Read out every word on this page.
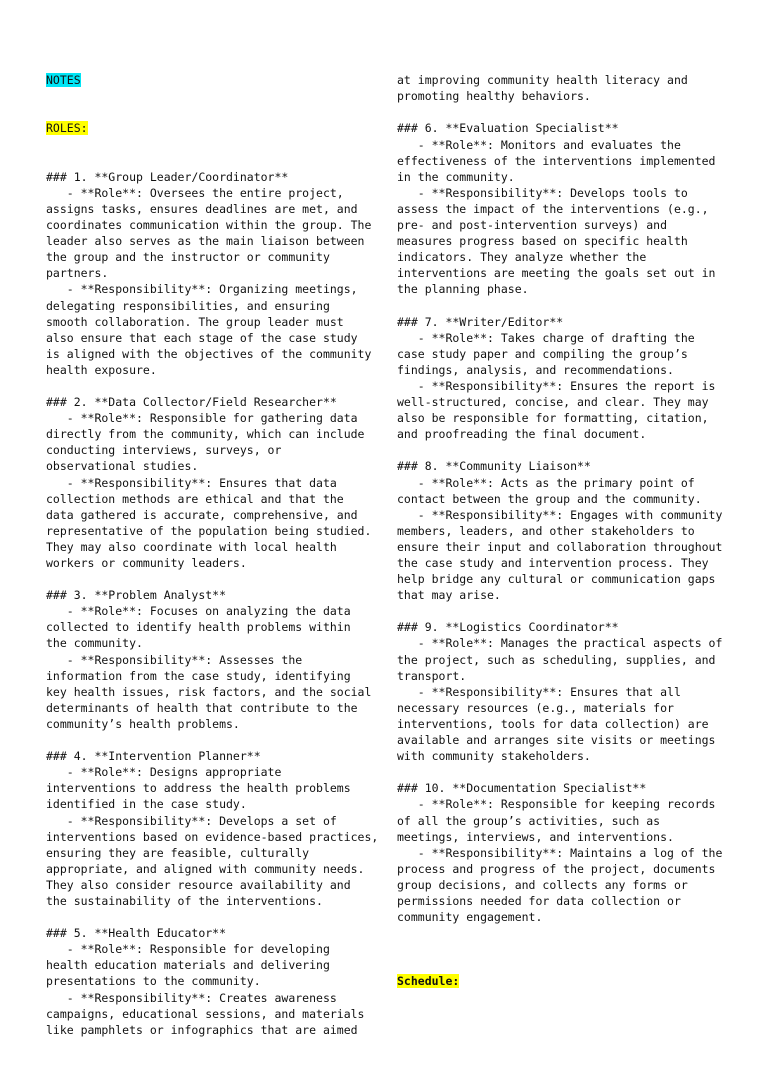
NOTES

ROLES:

### 1. **Group Leader/Coordinator**
- **Role**: Oversees the entire project,
assigns tasks, ensures deadlines are met, and
coordinates communication within the group. The
leader also serves as the main liaison between
the group and the instructor or community
partners.
- **Responsibility**: Organizing meetings,
delegating responsibilities, and ensuring
smooth collaboration. The group leader must
also ensure that each stage of the case study
is aligned with the objectives of the community
health exposure.
### 2. **Data Collector/Field Researcher**
- **Role**: Responsible for gathering data
directly from the community, which can include
conducting interviews, surveys, or
observational studies.
- **Responsibility**: Ensures that data
collection methods are ethical and that the
data gathered is accurate, comprehensive, and
representative of the population being studied.
They may also coordinate with local health
workers or community leaders.
### 3. **Problem Analyst**
- **Role**: Focuses on analyzing the data
collected to identify health problems within
the community.
- **Responsibility**: Assesses the
information from the case study, identifying
key health issues, risk factors, and the social
determinants of health that contribute to the
community’s health problems.
### 4. **Intervention Planner**
- **Role**: Designs appropriate
interventions to address the health problems
identified in the case study.
- **Responsibility**: Develops a set of
interventions based on evidence-based practices,
ensuring they are feasible, culturally
appropriate, and aligned with community needs.
They also consider resource availability and
the sustainability of the interventions.
### 5. **Health Educator**
- **Role**: Responsible for developing
health education materials and delivering
presentations to the community.
- **Responsibility**: Creates awareness
campaigns, educational sessions, and materials
like pamphlets or infographics that are aimed

at improving community health literacy and
promoting healthy behaviors.
### 6. **Evaluation Specialist**
- **Role**: Monitors and evaluates the
effectiveness of the interventions implemented
in the community.
- **Responsibility**: Develops tools to
assess the impact of the interventions (e.g.,
pre- and post-intervention surveys) and
measures progress based on specific health
indicators. They analyze whether the
interventions are meeting the goals set out in
the planning phase.
### 7. **Writer/Editor**
- **Role**: Takes charge of drafting the
case study paper and compiling the group’s
findings, analysis, and recommendations.
- **Responsibility**: Ensures the report is
well-structured, concise, and clear. They may
also be responsible for formatting, citation,
and proofreading the final document.
### 8. **Community Liaison**
- **Role**: Acts as the primary point of
contact between the group and the community.
- **Responsibility**: Engages with community
members, leaders, and other stakeholders to
ensure their input and collaboration throughout
the case study and intervention process. They
help bridge any cultural or communication gaps
that may arise.
### 9. **Logistics Coordinator**
- **Role**: Manages the practical aspects of
the project, such as scheduling, supplies, and
transport.
- **Responsibility**: Ensures that all
necessary resources (e.g., materials for
interventions, tools for data collection) are
available and arranges site visits or meetings
with community stakeholders.
### 10. **Documentation Specialist**
- **Role**: Responsible for keeping records
of all the group’s activities, such as
meetings, interviews, and interventions.
- **Responsibility**: Maintains a log of the
process and progress of the project, documents
group decisions, and collects any forms or
permissions needed for data collection or
community engagement.

Schedule:
